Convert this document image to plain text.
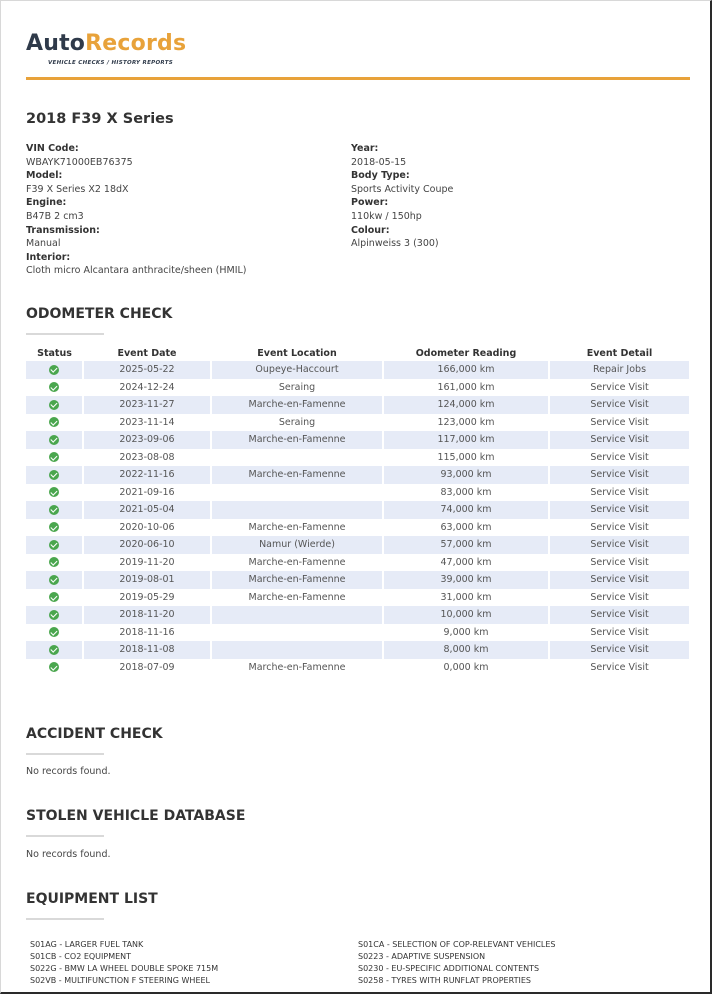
AutoRecords
VEHICLE CHECKS / HISTORY REPORTS
2018 F39 X Series
VIN Code:
WBAYK71000EB76375
Model:
F39 X Series X2 18dX
Engine:
B47B 2 cm3
Transmission:
Manual
Interior:
Cloth micro Alcantara anthracite/sheen (HMIL)
Year:
2018-05-15
Body Type:
Sports Activity Coupe
Power:
110kw / 150hp
Colour:
Alpinweiss 3 (300)
ODOMETER CHECK
Status	Event Date	Event Location	Odometer Reading	Event Detail
	2025-05-22	Oupeye-Haccourt	166,000 km	Repair Jobs
	2024-12-24	Seraing	161,000 km	Service Visit
	2023-11-27	Marche-en-Famenne	124,000 km	Service Visit
	2023-11-14	Seraing	123,000 km	Service Visit
	2023-09-06	Marche-en-Famenne	117,000 km	Service Visit
	2023-08-08		115,000 km	Service Visit
	2022-11-16	Marche-en-Famenne	93,000 km	Service Visit
	2021-09-16		83,000 km	Service Visit
	2021-05-04		74,000 km	Service Visit
	2020-10-06	Marche-en-Famenne	63,000 km	Service Visit
	2020-06-10	Namur (Wierde)	57,000 km	Service Visit
	2019-11-20	Marche-en-Famenne	47,000 km	Service Visit
	2019-08-01	Marche-en-Famenne	39,000 km	Service Visit
	2019-05-29	Marche-en-Famenne	31,000 km	Service Visit
	2018-11-20		10,000 km	Service Visit
	2018-11-16		9,000 km	Service Visit
	2018-11-08		8,000 km	Service Visit
	2018-07-09	Marche-en-Famenne	0,000 km	Service Visit
ACCIDENT CHECK
No records found.
STOLEN VEHICLE DATABASE
No records found.
EQUIPMENT LIST
S01AG - LARGER FUEL TANK
S01CB - CO2 EQUIPMENT
S022G - BMW LA WHEEL DOUBLE SPOKE 715M
S02VB - MULTIFUNCTION F STEERING WHEEL
S01CA - SELECTION OF COP-RELEVANT VEHICLES
S0223 - ADAPTIVE SUSPENSION
S0230 - EU-SPECIFIC ADDITIONAL CONTENTS
S0258 - TYRES WITH RUNFLAT PROPERTIES
